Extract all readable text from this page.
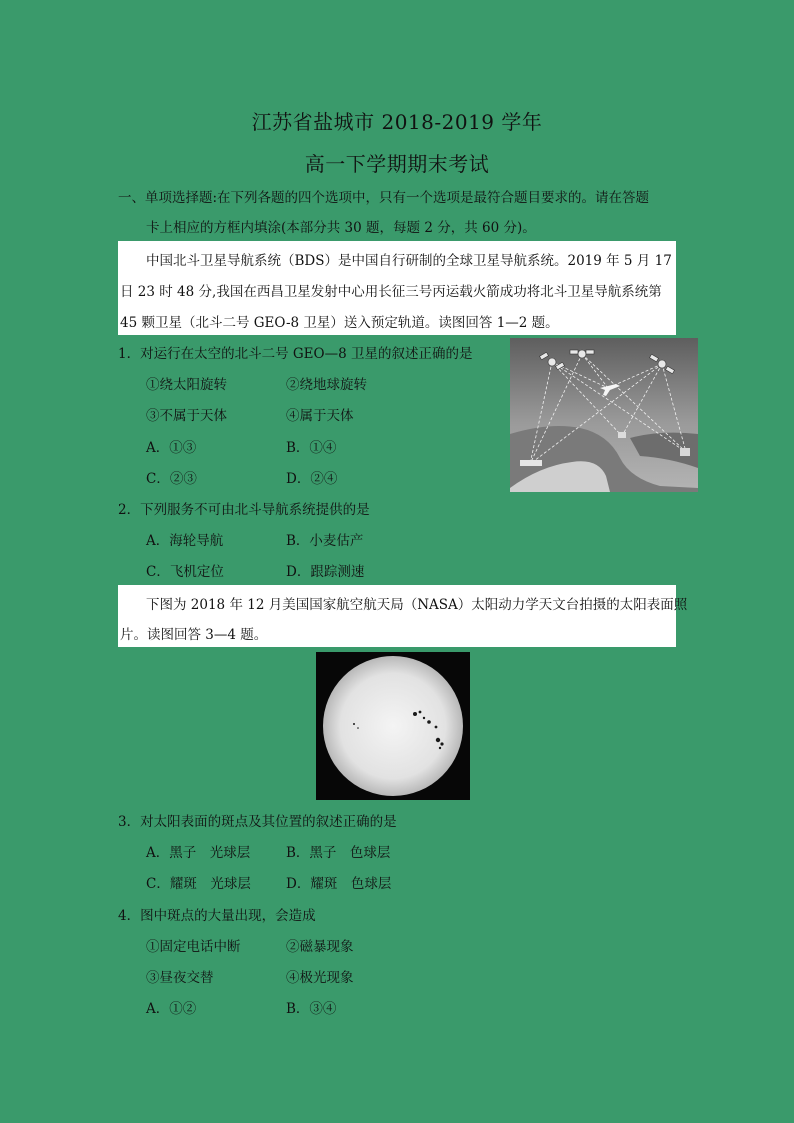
江苏省盐城市 2018-2019 学年
高一下学期期末考试
一、单项选择题:在下列各题的四个选项中，只有一个选项是最符合题目要求的。请在答题
卡上相应的方框内填涂(本部分共 30 题，每题 2 分，共 60 分)。
中国北斗卫星导航系统（BDS）是中国自行研制的全球卫星导航系统。2019 年 5 月 17
日 23 时 48 分,我国在西昌卫星发射中心用长征三号丙运载火箭成功将北斗卫星导航系统第
45 颗卫星（北斗二号 GEO-8 卫星）送入预定轨道。读图回答 1—2 题。
1．对运行在太空的北斗二号 GEO—8 卫星的叙述正确的是
①绕太阳旋转	②绕地球旋转
③不属于天体	④属于天体
A．①③	B．①④
C．②③	D．②④
2．下列服务不可由北斗导航系统提供的是
A．海轮导航	B．小麦估产
C．飞机定位	D．跟踪测速
下图为 2018 年 12 月美国国家航空航天局（NASA）太阳动力学天文台拍摄的太阳表面照
片。读图回答 3—4 题。
3．对太阳表面的斑点及其位置的叙述正确的是
A．黑子　光球层	B．黑子　色球层
C．耀斑　光球层	D．耀斑　色球层
4．图中斑点的大量出现，会造成
①固定电话中断	②磁暴现象
③昼夜交替	④极光现象
A．①②	B．③④
